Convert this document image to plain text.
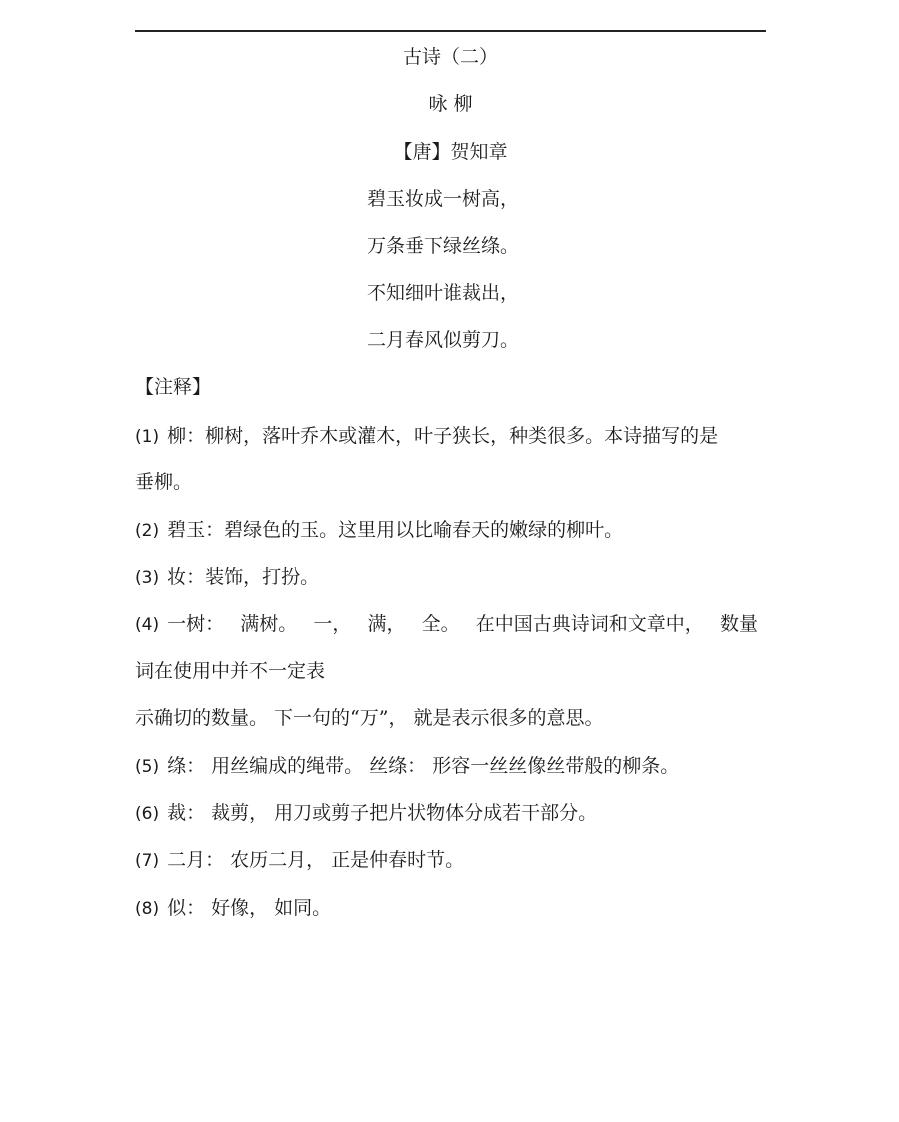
古诗（二）
咏 柳
【唐】贺知章
碧玉妆成一树高，
万条垂下绿丝绦。
不知细叶谁裁出，
二月春风似剪刀。
【注释】
(1) 柳：柳树，落叶乔木或灌木，叶子狭长，种类很多。本诗描写的是
垂柳。
(2) 碧玉：碧绿色的玉。这里用以比喻春天的嫩绿的柳叶。
(3) 妆：装饰，打扮。
(4) 一树： 满树。 一， 满， 全。 在中国古典诗词和文章中， 数量
词在使用中并不一定表
示确切的数量。 下一句的“万”， 就是表示很多的意思。
(5) 绦： 用丝编成的绳带。 丝绦： 形容一丝丝像丝带般的柳条。
(6) 裁： 裁剪， 用刀或剪子把片状物体分成若干部分。
(7) 二月： 农历二月， 正是仲春时节。
(8) 似： 好像， 如同。
